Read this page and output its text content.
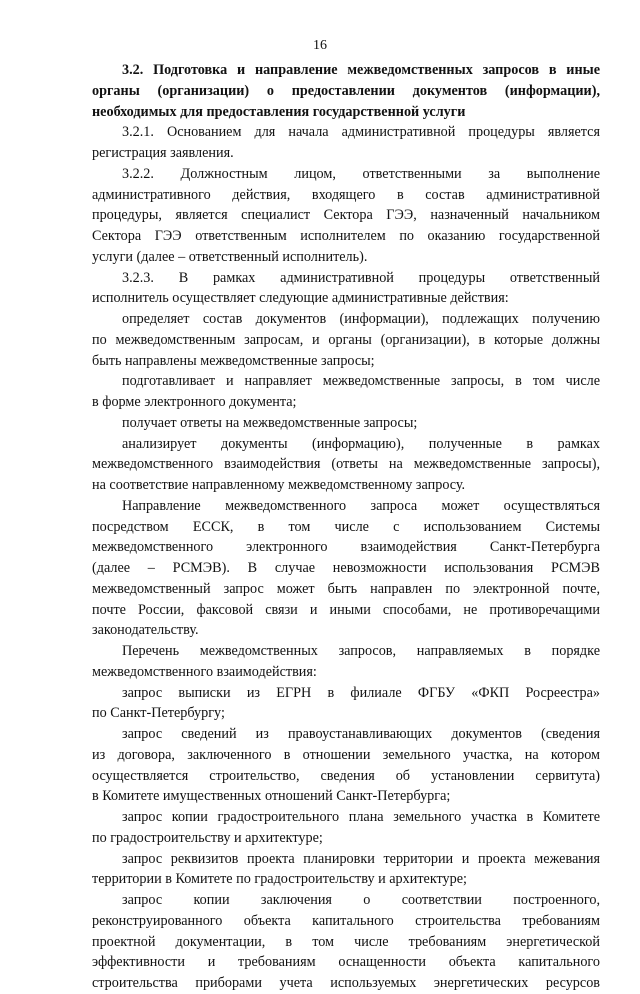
16
3.2. Подготовка и направление межведомственных запросов в иные
органы (организации) о предоставлении документов (информации),
необходимых для предоставления государственной услуги
3.2.1. Основанием для начала административной процедуры является
регистрация заявления.
3.2.2. Должностным лицом, ответственными за выполнение
административного действия, входящего в состав административной
процедуры, является специалист Сектора ГЭЭ, назначенный начальником
Сектора ГЭЭ ответственным исполнителем по оказанию государственной
услуги (далее – ответственный исполнитель).
3.2.3. В рамках административной процедуры ответственный
исполнитель осуществляет следующие административные действия:
определяет состав документов (информации), подлежащих получению
по межведомственным запросам, и органы (организации), в которые должны
быть направлены межведомственные запросы;
подготавливает и направляет межведомственные запросы, в том числе
в форме электронного документа;
получает ответы на межведомственные запросы;
анализирует документы (информацию), полученные в рамках
межведомственного взаимодействия (ответы на межведомственные запросы),
на соответствие направленному межведомственному запросу.
Направление межведомственного запроса может осуществляться
посредством ЕССК, в том числе с использованием Системы
межведомственного электронного взаимодействия Санкт-Петербурга
(далее – РСМЭВ). В случае невозможности использования РСМЭВ
межведомственный запрос может быть направлен по электронной почте,
почте России, факсовой связи и иными способами, не противоречащими
законодательству.
Перечень межведомственных запросов, направляемых в порядке
межведомственного взаимодействия:
запрос выписки из ЕГРН в филиале ФГБУ «ФКП Росреестра»
по Санкт-Петербургу;
запрос сведений из правоустанавливающих документов (сведения
из договора, заключенного в отношении земельного участка, на котором
осуществляется строительство, сведения об установлении сервитута)
в Комитете имущественных отношений Санкт-Петербурга;
запрос копии градостроительного плана земельного участка в Комитете
по градостроительству и архитектуре;
запрос реквизитов проекта планировки территории и проекта межевания
территории в Комитете по градостроительству и архитектуре;
запрос копии заключения о соответствии построенного,
реконструированного объекта капитального строительства требованиям
проектной документации, в том числе требованиям энергетической
эффективности и требованиям оснащенности объекта капитального
строительства приборами учета используемых энергетических ресурсов
